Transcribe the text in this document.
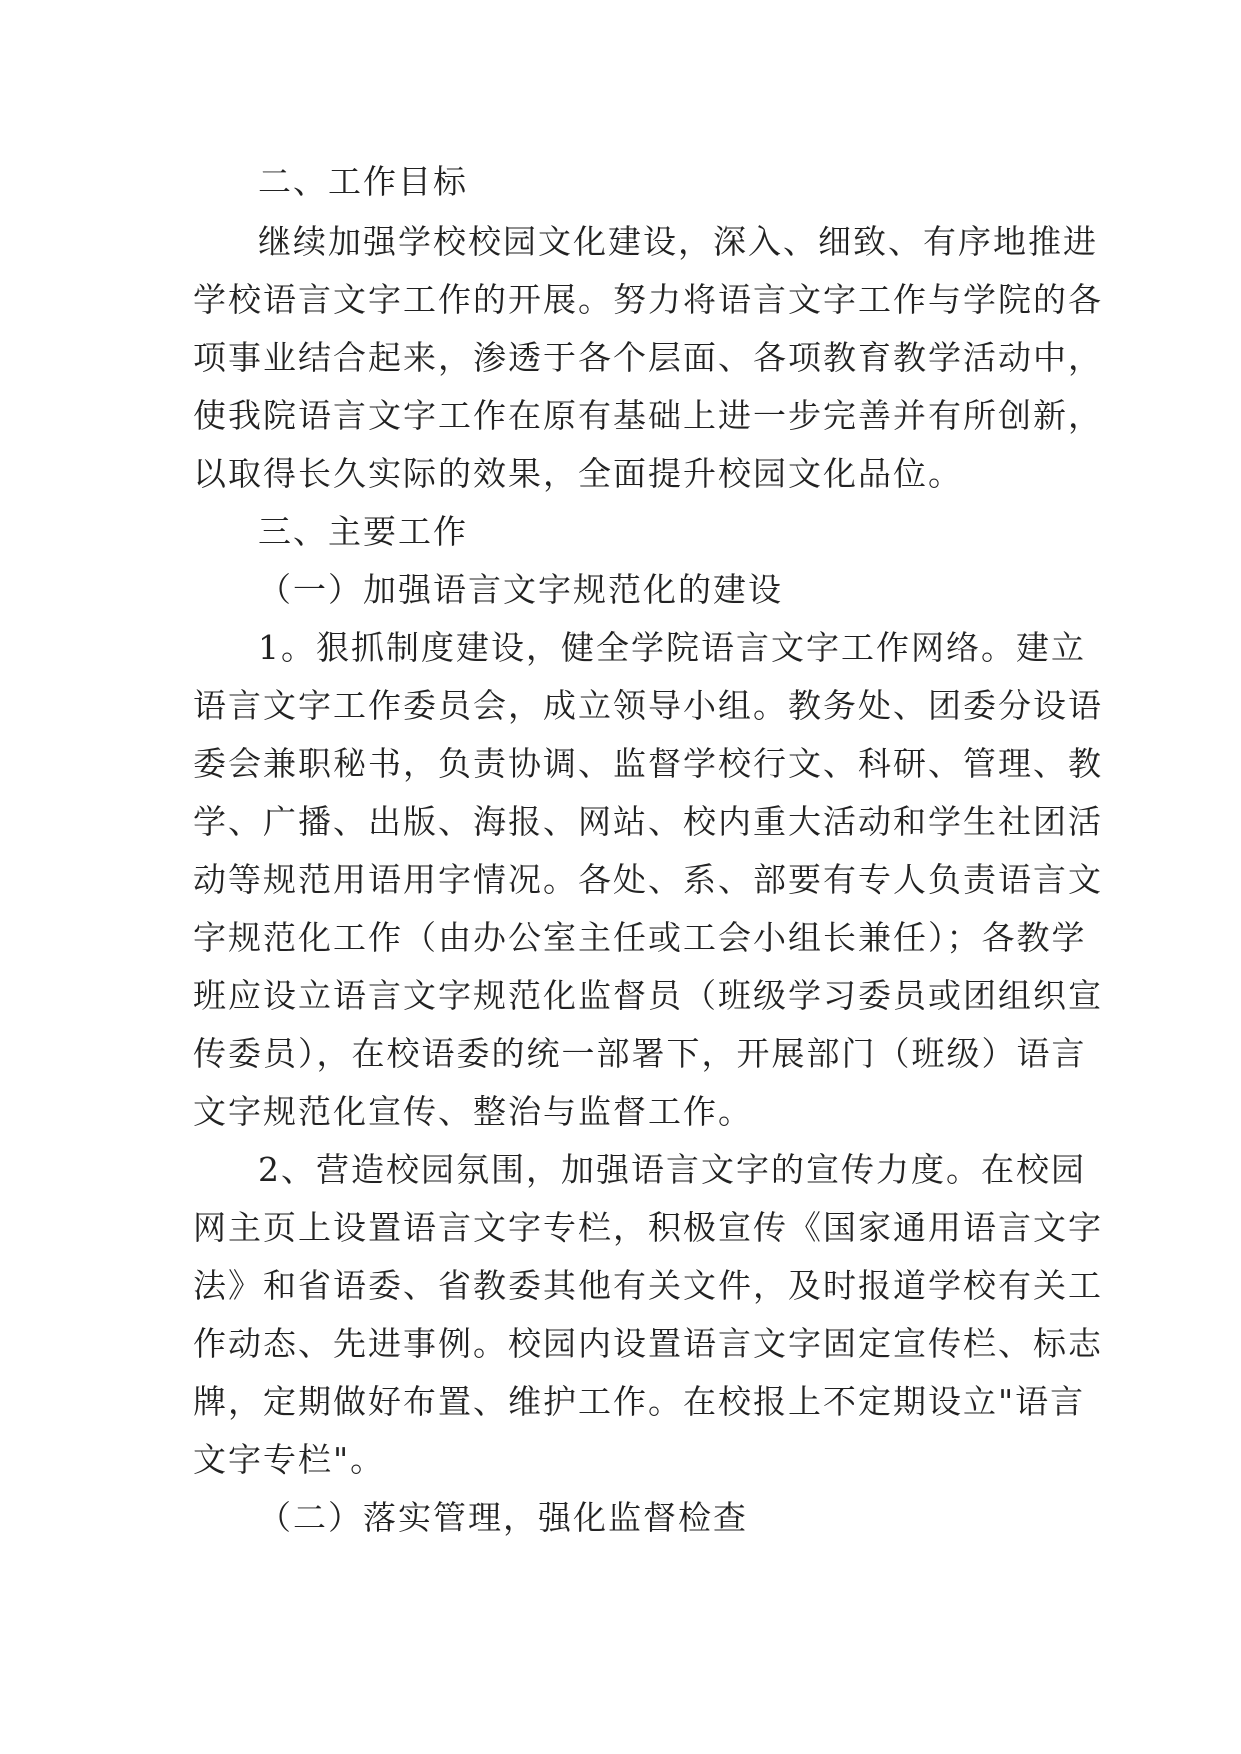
二、工作目标
继续加强学校校园文化建设，深入、细致、有序地推进
学校语言文字工作的开展。努力将语言文字工作与学院的各
项事业结合起来，渗透于各个层面、各项教育教学活动中，
使我院语言文字工作在原有基础上进一步完善并有所创新，
以取得长久实际的效果，全面提升校园文化品位。
三、主要工作
（一）加强语言文字规范化的建设
1。狠抓制度建设，健全学院语言文字工作网络。建立
语言文字工作委员会，成立领导小组。教务处、团委分设语
委会兼职秘书，负责协调、监督学校行文、科研、管理、教
学、广播、出版、海报、网站、校内重大活动和学生社团活
动等规范用语用字情况。各处、系、部要有专人负责语言文
字规范化工作（由办公室主任或工会小组长兼任）；各教学
班应设立语言文字规范化监督员（班级学习委员或团组织宣
传委员），在校语委的统一部署下，开展部门（班级）语言
文字规范化宣传、整治与监督工作。
2、营造校园氛围，加强语言文字的宣传力度。在校园
网主页上设置语言文字专栏，积极宣传《国家通用语言文字
法》和省语委、省教委其他有关文件，及时报道学校有关工
作动态、先进事例。校园内设置语言文字固定宣传栏、标志
牌，定期做好布置、维护工作。在校报上不定期设立"语言
文字专栏"。
（二）落实管理，强化监督检查
